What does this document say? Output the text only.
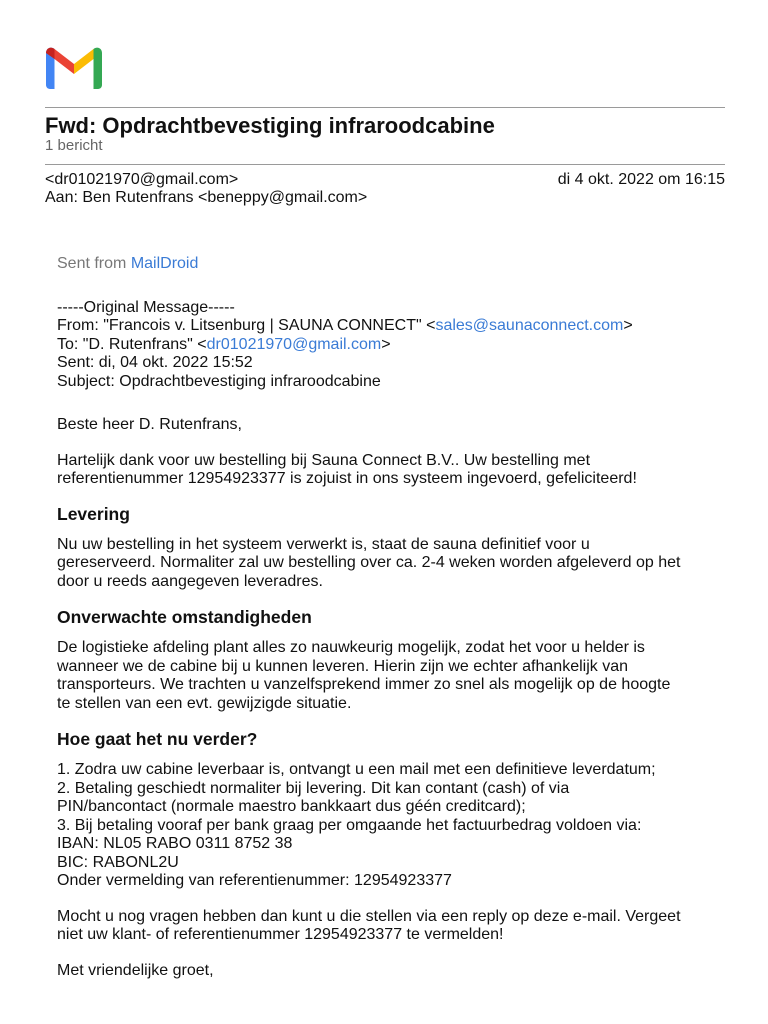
Fwd: Opdrachtbevestiging infraroodcabine
1 bericht
<dr01021970@gmail.com>	di 4 okt. 2022 om 16:15
Aan: Ben Rutenfrans <beneppy@gmail.com>
Sent from MailDroid
-----Original Message-----
From: "Francois v. Litsenburg | SAUNA CONNECT" <sales@saunaconnect.com>
To: "D. Rutenfrans" <dr01021970@gmail.com>
Sent: di, 04 okt. 2022 15:52
Subject: Opdrachtbevestiging infraroodcabine
Beste heer D. Rutenfrans,
Hartelijk dank voor uw bestelling bij Sauna Connect B.V.. Uw bestelling met
referentienummer 12954923377 is zojuist in ons systeem ingevoerd, gefeliciteerd!
Levering
Nu uw bestelling in het systeem verwerkt is, staat de sauna definitief voor u
gereserveerd. Normaliter zal uw bestelling over ca. 2-4 weken worden afgeleverd op het
door u reeds aangegeven leveradres.
Onverwachte omstandigheden
De logistieke afdeling plant alles zo nauwkeurig mogelijk, zodat het voor u helder is
wanneer we de cabine bij u kunnen leveren. Hierin zijn we echter afhankelijk van
transporteurs. We trachten u vanzelfsprekend immer zo snel als mogelijk op de hoogte
te stellen van een evt. gewijzigde situatie.
Hoe gaat het nu verder?
1. Zodra uw cabine leverbaar is, ontvangt u een mail met een definitieve leverdatum;
2. Betaling geschiedt normaliter bij levering. Dit kan contant (cash) of via
PIN/bancontact (normale maestro bankkaart dus géén creditcard);
3. Bij betaling vooraf per bank graag per omgaande het factuurbedrag voldoen via:
IBAN: NL05 RABO 0311 8752 38
BIC: RABONL2U
Onder vermelding van referentienummer: 12954923377
Mocht u nog vragen hebben dan kunt u die stellen via een reply op deze e-mail. Vergeet
niet uw klant- of referentienummer 12954923377 te vermelden!
Met vriendelijke groet,
